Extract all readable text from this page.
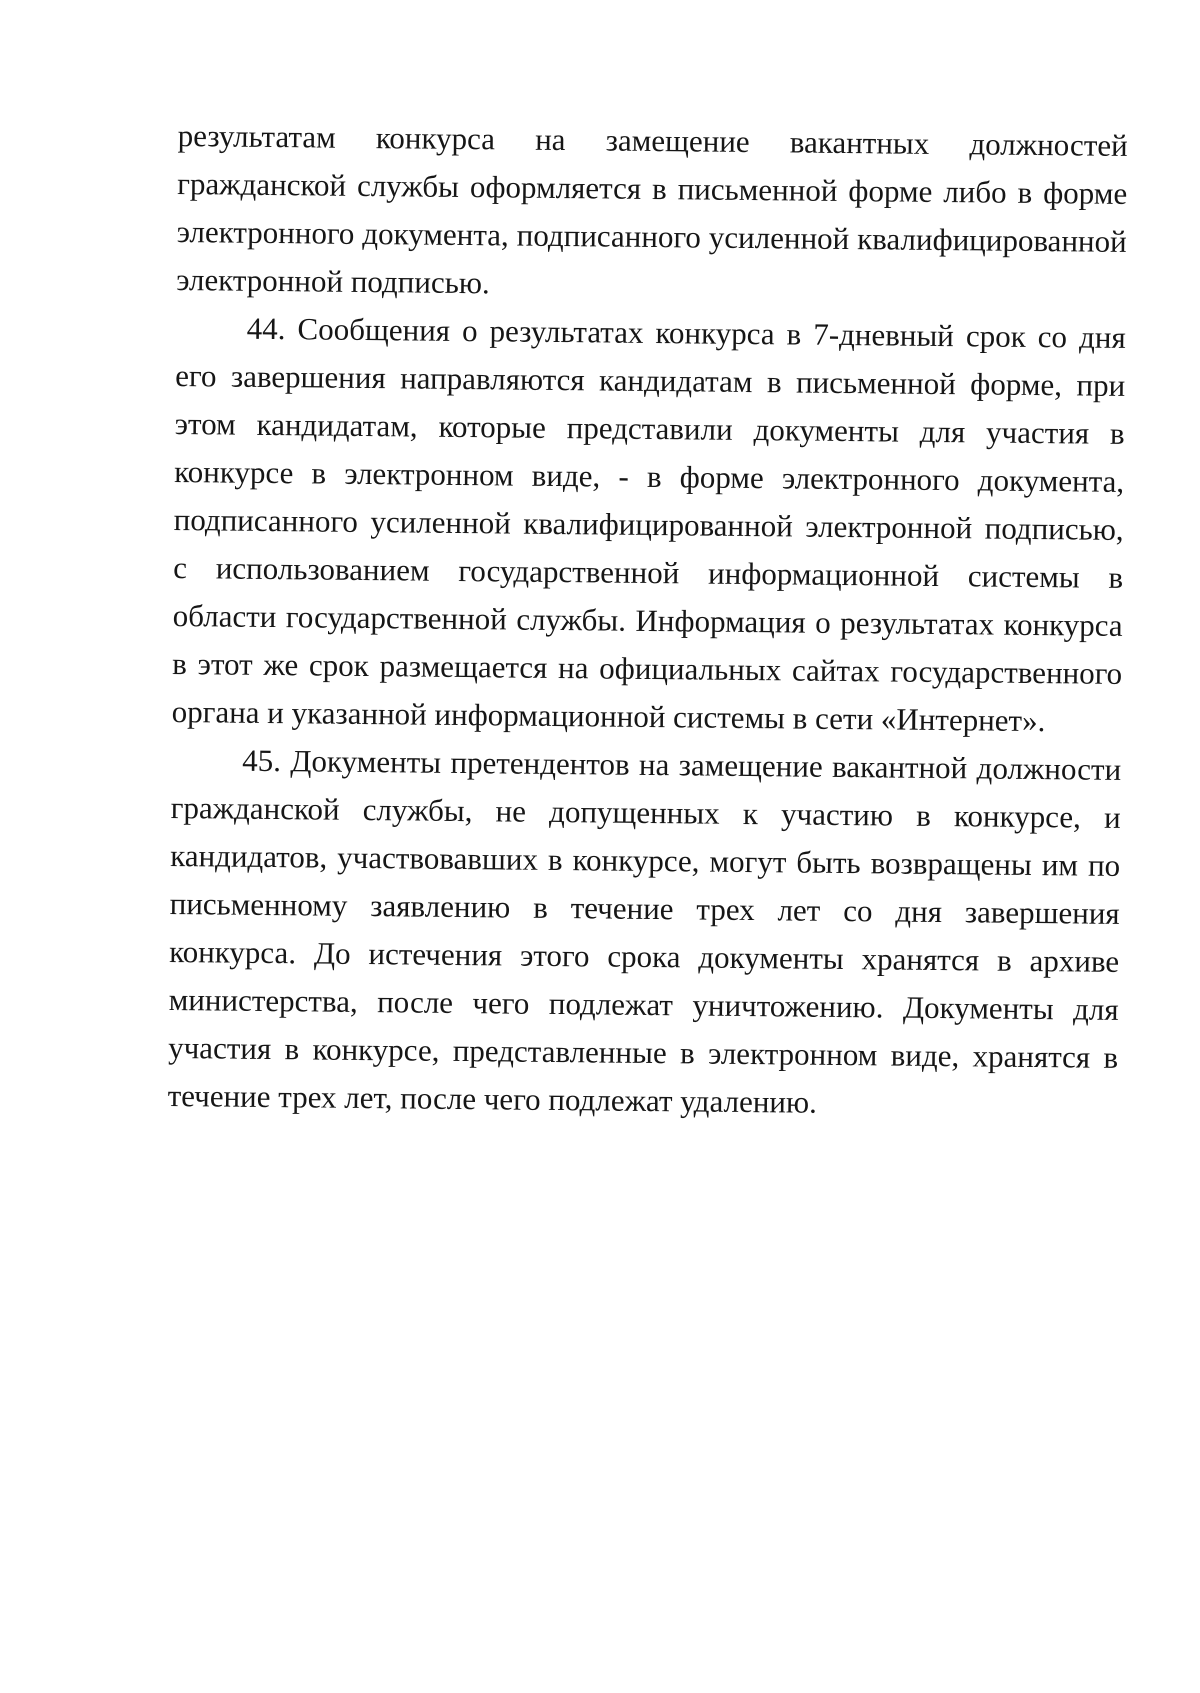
результатам конкурса на замещение вакантных должностей гражданской службы оформляется в письменной форме либо в форме электронного документа, подписанного усиленной квалифицированной электронной подписью.

44. Сообщения о результатах конкурса в 7-дневный срок со дня его завершения направляются кандидатам в письменной форме, при этом кандидатам, которые представили документы для участия в конкурсе в электронном виде, - в форме электронного документа, подписанного усиленной квалифицированной электронной подписью, с использованием государственной информационной системы в области государственной службы. Информация о результатах конкурса в этот же срок размещается на официальных сайтах государственного органа и указанной информационной системы в сети «Интернет».

45. Документы претендентов на замещение вакантной должности гражданской службы, не допущенных к участию в конкурсе, и кандидатов, участвовавших в конкурсе, могут быть возвращены им по письменному заявлению в течение трех лет со дня завершения конкурса. До истечения этого срока документы хранятся в архиве министерства, после чего подлежат уничтожению. Документы для участия в конкурсе, представленные в электронном виде, хранятся в течение трех лет, после чего подлежат удалению.
